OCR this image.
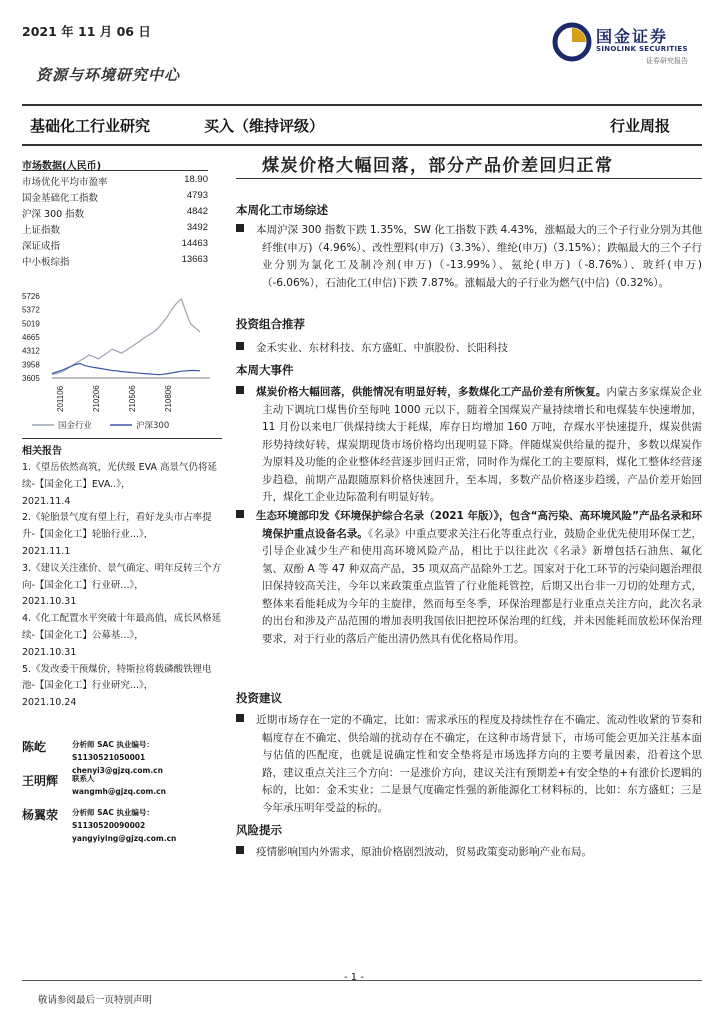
2021 年 11 月 06 日	国金证券
SINOLINK SECURITIES
证券研究报告
资源与环境研究中心
基础化工行业研究	买入（维持评级）	行业周报
市场数据(人民币)
市场优化平均市盈率	18.90
国金基础化工指数	4793
沪深 300 指数	4842
上证指数	3492
深证成指	14463
中小板综指	13663
5726
5372
5019
4665
4312
3958
3605
201106	210206	210506	210806
国金行业	沪深300
相关报告
1.《望岳依然高筑，光伏级 EVA 高景气仍将延续-【国金化工】EVA..》，
2021.11.4
2.《轮胎景气度有望上行，看好龙头市占率提升-【国金化工】轮胎行业...》，
2021.11.1
3.《建议关注涨价、景气确定、明年反转三个方向-【国金化工】行业研...》，
2021.10.31
4.《化工配置水平突破十年最高值，成长风格延续-【国金化工】公募基...》，
2021.10.31
5.《发改委干预煤价，特斯拉将载磷酸铁锂电池-【国金化工】行业研究...》，
2021.10.24
陈屹	分析师 SAC 执业编号：S1130521050001
chenyi3@gjzq.com.cn
王明辉 联系人
wangmh@gjzq.com.cn
杨翼荥 分析师 SAC 执业编号：S1130520090002
yangyiying@gjzq.com.cn
煤炭价格大幅回落，部分产品价差回归正常
本周化工市场综述
本周沪深 300 指数下跌 1.35%，SW 化工指数下跌 4.43%，涨幅最大的三个子行业分别为其他纤维(申万)（4.96%）、改性塑料(申万)（3.3%）、维纶(申万)（3.15%）；跌幅最大的三个子行业分别为氯化工及制冷剂(申万)（-13.99%）、氨纶(申万)（-8.76%）、玻纤(申万)（-6.06%），石油化工(申信)下跌 7.87%。涨幅最大的子行业为燃气(中信)（0.32%）。
投资组合推荐
金禾实业、东材科技、东方盛虹、中旗股份、长阳科技
本周大事件
煤炭价格大幅回落，供能情况有明显好转，多数煤化工产品价差有所恢复。内蒙古多家煤炭企业主动下调坑口煤售价至每吨 1000 元以下，随着全国煤炭产量持续增长和电煤装车快速增加，11 月份以来电厂供煤持续大于耗煤，库存日均增加 160 万吨，存煤水平快速提升，煤炭供需形势持续好转，煤炭期现货市场价格均出现明显下降。伴随煤炭供给量的提升，多数以煤炭作为原料及功能的企业整体经营逐步回归正常，同时作为煤化工的主要原料，煤化工整体经营逐步趋稳，前期产品跟随原料价格快速回升，至本周，多数产品价格逐步趋缓，产品价差开始回升，煤化工企业边际盈利有明显好转。
生态环境部印发《环境保护综合名录（2021 年版）》，包含“高污染、高环境风险”产品名录和环境保护重点设备名录。《名录》中重点要求关注石化等重点行业，鼓励企业优先使用环保工艺，引导企业减少生产和使用高环境风险产品，相比于以往此次《名录》新增包括石油焦、氟化氢、双酚 A 等 47 种双高产品，35 项双高产品除外工艺。国家对于化工环节的污染问题治理很旧保持较高关注，今年以来政策重点监管了行业能耗管控，后期又出台非一刀切的处理方式，整体来看能耗成为今年的主旋律，然而每至冬季，环保治理都是行业重点关注方向，此次名录的出台和涉及产品范围的增加表明我国依旧把控环保治理的红线，并未因能耗而放松环保治理要求，对于行业的落后产能出清仍然具有优化格局作用。
投资建议
近期市场存在一定的不确定，比如：需求承压的程度及持续性存在不确定、流动性收紧的节奏和幅度存在不确定、供给端的扰动存在不确定，在这种市场背景下，市场可能会更加关注基本面与估值的匹配度，也就是说确定性和安全垫将是市场选择方向的主要考量因素，沿着这个思路，建议重点关注三个方向：一是涨价方向，建议关注有预期差+有安全垫的+有涨价长逻辑的标的，比如：金禾实业；二是景气度确定性强的新能源化工材料标的，比如：东方盛虹；三是今年承压明年受益的标的。
风险提示
疫情影响国内外需求，原油价格剧烈波动，贸易政策变动影响产业布局。
- 1 -
敬请参阅最后一页特别声明
